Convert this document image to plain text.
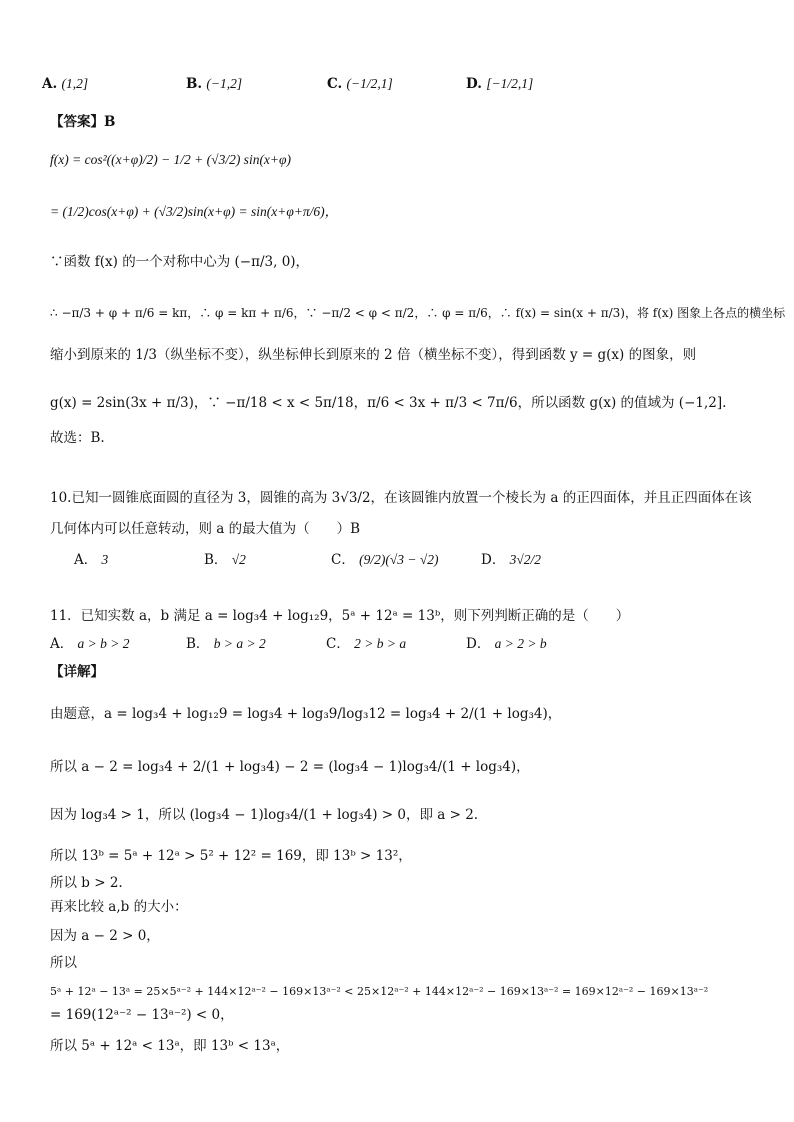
A. (1,2]	B. (−1,2]	C. (−1/2,1]	D. [−1/2,1]
【答案】B
f(x) = cos²((x+φ)/2) − 1/2 + (√3/2) sin(x+φ)
= (1/2)cos(x+φ) + (√3/2)sin(x+φ) = sin(x+φ+π/6)，
∵函数 f(x) 的一个对称中心为 (−π/3, 0)，
∴ −π/3 + φ + π/6 = kπ，∴ φ = kπ + π/6，∵ −π/2 < φ < π/2，∴ φ = π/6，∴ f(x) = sin(x + π/3)，将 f(x) 图象上各点的横坐标
缩小到原来的 1/3（纵坐标不变），纵坐标伸长到原来的 2 倍（横坐标不变），得到函数 y = g(x) 的图象，则
g(x) = 2sin(3x + π/3)，∵ −π/18 < x < 5π/18，π/6 < 3x + π/3 < 7π/6，所以函数 g(x) 的值域为 (−1,2].
故选：B.
10.已知一圆锥底面圆的直径为 3，圆锥的高为 3√3/2，在该圆锥内放置一个棱长为 a 的正四面体，并且正四面体在该
几何体内可以任意转动，则 a 的最大值为（　　）B
A． 3	B． √2	C． (9/2)(√3 − √2)	D． 3√2/2
11．已知实数 a，b 满足 a = log₃4 + log₁₂9，5ᵃ + 12ᵃ = 13ᵇ，则下列判断正确的是（　　）
A． a > b > 2	B． b > a > 2	C． 2 > b > a	D． a > 2 > b
【详解】
由题意，a = log₃4 + log₁₂9 = log₃4 + log₃9/log₃12 = log₃4 + 2/(1 + log₃4)，
所以 a − 2 = log₃4 + 2/(1 + log₃4) − 2 = (log₃4 − 1)log₃4/(1 + log₃4)，
因为 log₃4 > 1，所以 (log₃4 − 1)log₃4/(1 + log₃4) > 0，即 a > 2.
所以 13ᵇ = 5ᵃ + 12ᵃ > 5² + 12² = 169，即 13ᵇ > 13²，
所以 b > 2.
再来比较 a,b 的大小：
因为 a − 2 > 0，
所以
5ᵃ + 12ᵃ − 13ᵃ = 25×5ᵃ⁻² + 144×12ᵃ⁻² − 169×13ᵃ⁻² < 25×12ᵃ⁻² + 144×12ᵃ⁻² − 169×13ᵃ⁻² = 169×12ᵃ⁻² − 169×13ᵃ⁻²
= 169(12ᵃ⁻² − 13ᵃ⁻²) < 0，
所以 5ᵃ + 12ᵃ < 13ᵃ，即 13ᵇ < 13ᵃ，
